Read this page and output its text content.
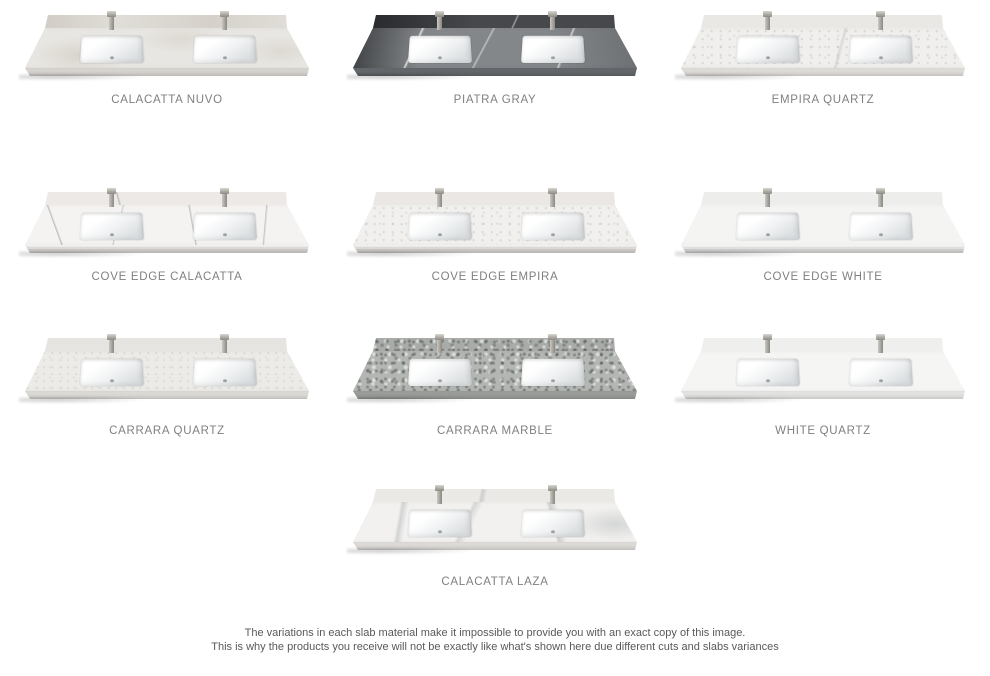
CALACATTA NUVO	PIATRA GRAY	EMPIRA QUARTZ
COVE EDGE CALACATTA	COVE EDGE EMPIRA	COVE EDGE WHITE
CARRARA QUARTZ	CARRARA MARBLE	WHITE QUARTZ
CALACATTA LAZA
The variations in each slab material make it impossible to provide you with an exact copy of this image.
This is why the products you receive will not be exactly like what's shown here due different cuts and slabs variances
